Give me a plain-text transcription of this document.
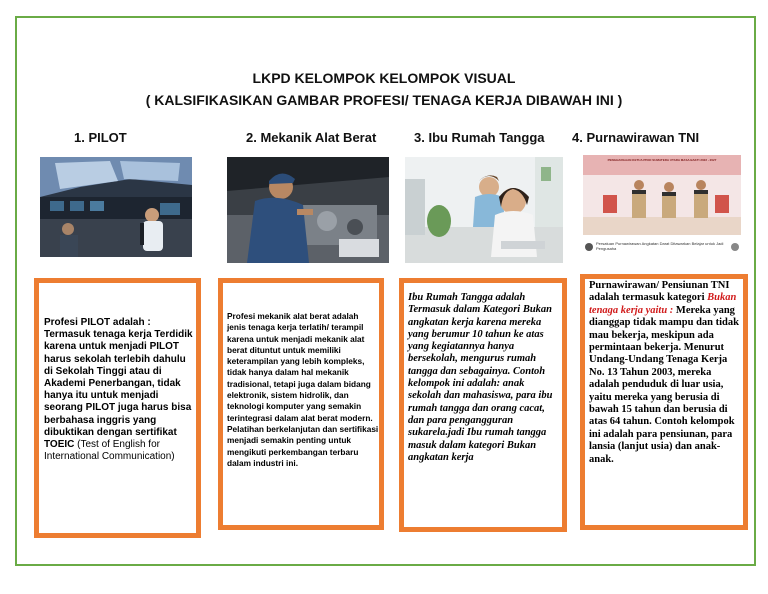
LKPD KELOMPOK KELOMPOK VISUAL
( KALSIFIKASIKAN GAMBAR PROFESI/ TENAGA KERJA DIBAWAH INI )
1. PILOT	2. Mekanik Alat Berat	3. Ibu Rumah Tangga 4. Purnawirawan TNI
PENGHARGAAN KETUA PPAD SUMATERA UTARA MASA BAKTI 2022 - 2027
Persatuan Purnawirawan Angkatan Darat Ditawarkan Belajar untuk Jadi Pengusaha
Profesi PILOT adalah : Termasuk tenaga kerja Terdidik karena untuk menjadi PILOT harus sekolah terlebih dahulu di Sekolah Tinggi atau di Akademi Penerbangan, tidak hanya itu untuk menjadi seorang PILOT juga harus bisa berbahasa inggris yang dibuktikan dengan sertifikat TOEIC (Test of English for International Communication)
Profesi mekanik alat berat adalah jenis tenaga kerja terlatih/ terampil karena untuk menjadi mekanik alat berat dituntut untuk memiliki keterampilan yang lebih kompleks, tidak hanya dalam hal mekanik tradisional, tetapi juga dalam bidang elektronik, sistem hidrolik, dan teknologi komputer yang semakin terintegrasi dalam alat berat modern. Pelatihan berkelanjutan dan sertifikasi menjadi semakin penting untuk mengikuti perkembangan terbaru dalam industri ini.
Ibu Rumah Tangga adalah Termasuk dalam Kategori Bukan angkatan kerja karena mereka yang berumur 10 tahun ke atas yang kegiatannya hanya bersekolah, mengurus rumah tangga dan sebagainya. Contoh kelompok ini adalah: anak sekolah dan mahasiswa, para ibu rumah tangga dan orang cacat, dan para pengangguran sukarela.jadi Ibu rumah tangga masuk dalam kategori Bukan angkatan kerja
Purnawirawan/ Pensiunan TNI adalah termasuk kategori Bukan tenaga kerja yaitu : Mereka yang dianggap tidak mampu dan tidak mau bekerja, meskipun ada permintaan bekerja. Menurut Undang-Undang Tenaga Kerja No. 13 Tahun 2003, mereka adalah penduduk di luar usia, yaitu mereka yang berusia di bawah 15 tahun dan berusia di atas 64 tahun. Contoh kelompok ini adalah para pensiunan, para lansia (lanjut usia) dan anak-anak.
